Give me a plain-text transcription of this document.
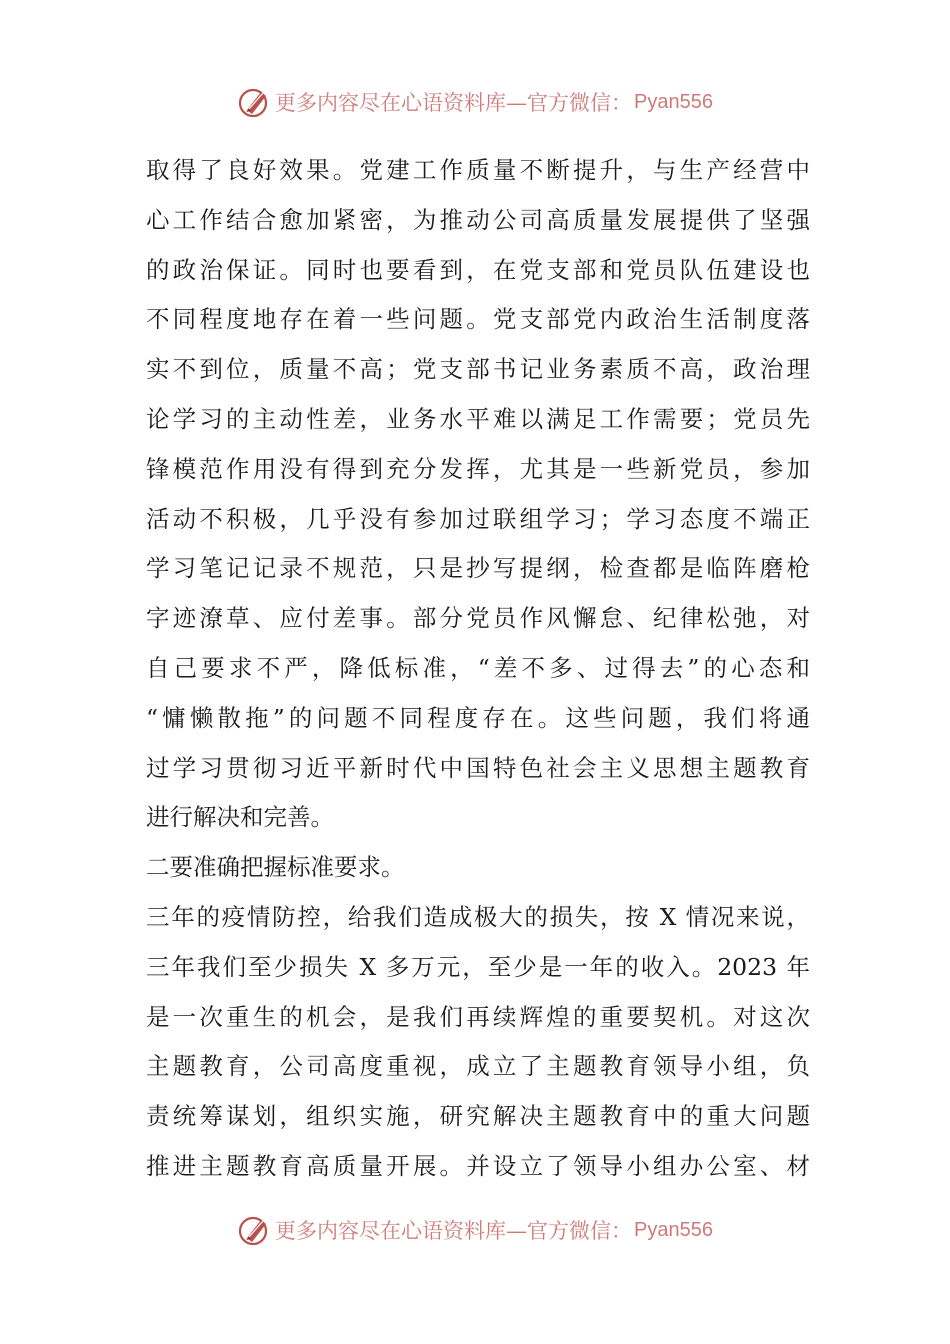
更多内容尽在心语资料库—官方微信： Pyan556
取得了良好效果。党建工作质量不断提升，与生产经营中
心工作结合愈加紧密，为推动公司高质量发展提供了坚强
的政治保证。同时也要看到，在党支部和党员队伍建设也
不同程度地存在着一些问题。党支部党内政治生活制度落
实不到位，质量不高；党支部书记业务素质不高，政治理
论学习的主动性差，业务水平难以满足工作需要；党员先
锋模范作用没有得到充分发挥，尤其是一些新党员，参加
活动不积极，几乎没有参加过联组学习；学习态度不端正
学习笔记记录不规范，只是抄写提纲，检查都是临阵磨枪
字迹潦草、应付差事。部分党员作风懈怠、纪律松弛，对
自己要求不严，降低标准，“差不多、过得去”的心态和
“慵懒散拖”的问题不同程度存在。这些问题，我们将通
过学习贯彻习近平新时代中国特色社会主义思想主题教育
进行解决和完善。
二要准确把握标准要求。
三年的疫情防控，给我们造成极大的损失，按 X 情况来说，
三年我们至少损失 X 多万元，至少是一年的收入。2023 年
是一次重生的机会，是我们再续辉煌的重要契机。对这次
主题教育，公司高度重视，成立了主题教育领导小组，负
责统筹谋划，组织实施，研究解决主题教育中的重大问题
推进主题教育高质量开展。并设立了领导小组办公室、材
更多内容尽在心语资料库—官方微信： Pyan556
